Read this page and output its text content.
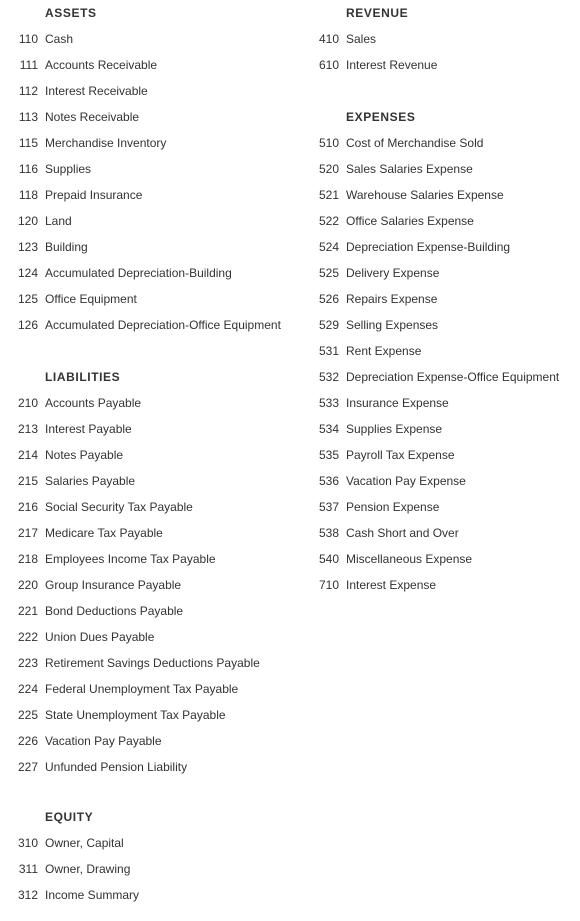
ASSETS
110 Cash
111 Accounts Receivable
112 Interest Receivable
113 Notes Receivable
115 Merchandise Inventory
116 Supplies
118 Prepaid Insurance
120 Land
123 Building
124 Accumulated Depreciation-Building
125 Office Equipment
126 Accumulated Depreciation-Office Equipment
LIABILITIES
210 Accounts Payable
213 Interest Payable
214 Notes Payable
215 Salaries Payable
216 Social Security Tax Payable
217 Medicare Tax Payable
218 Employees Income Tax Payable
220 Group Insurance Payable
221 Bond Deductions Payable
222 Union Dues Payable
223 Retirement Savings Deductions Payable
224 Federal Unemployment Tax Payable
225 State Unemployment Tax Payable
226 Vacation Pay Payable
227 Unfunded Pension Liability
EQUITY
310 Owner, Capital
311 Owner, Drawing
312 Income Summary
REVENUE
410 Sales
610 Interest Revenue
EXPENSES
510 Cost of Merchandise Sold
520 Sales Salaries Expense
521 Warehouse Salaries Expense
522 Office Salaries Expense
524 Depreciation Expense-Building
525 Delivery Expense
526 Repairs Expense
529 Selling Expenses
531 Rent Expense
532 Depreciation Expense-Office Equipment
533 Insurance Expense
534 Supplies Expense
535 Payroll Tax Expense
536 Vacation Pay Expense
537 Pension Expense
538 Cash Short and Over
540 Miscellaneous Expense
710 Interest Expense
